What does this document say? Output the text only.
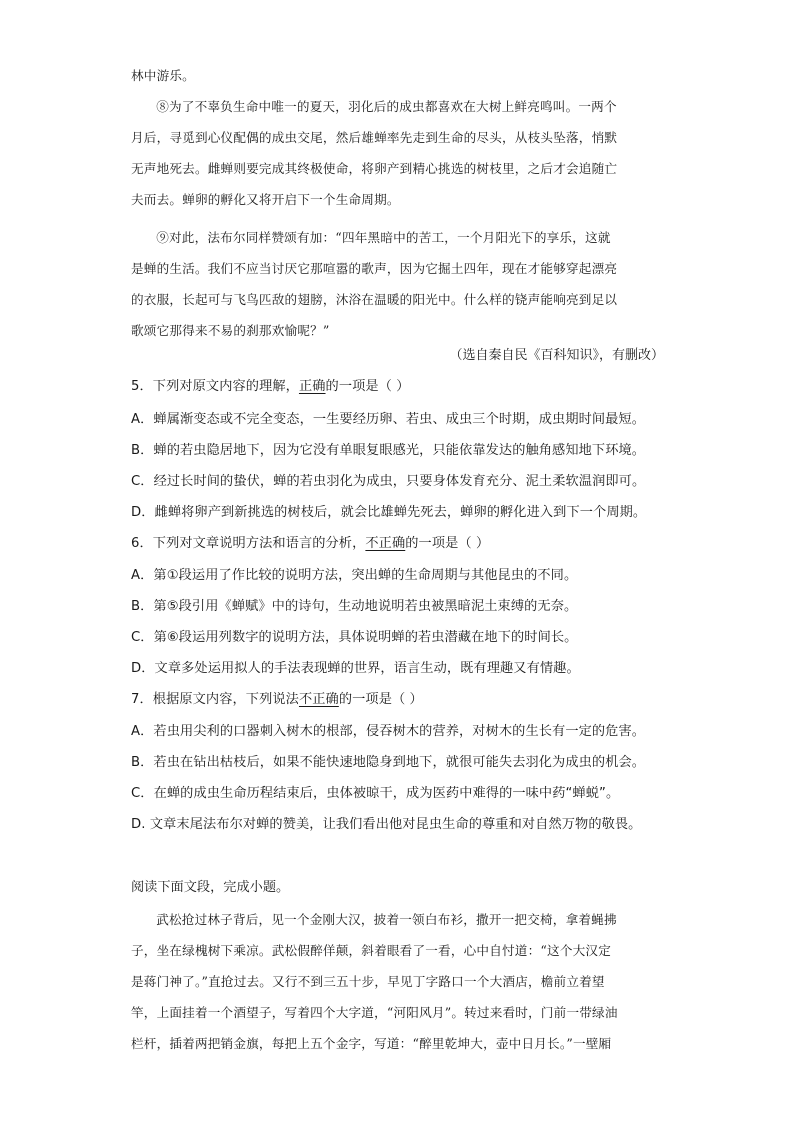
林中游乐。

⑧为了不辜负生命中唯一的夏天，羽化后的成虫都喜欢在大树上鲜亮鸣叫。一两个

月后，寻觅到心仪配偶的成虫交尾，然后雄蝉率先走到生命的尽头，从枝头坠落，悄默

无声地死去。雌蝉则要完成其终极使命，将卵产到精心挑选的树枝里，之后才会追随亡

夫而去。蝉卵的孵化又将开启下一个生命周期。

⑨对此，法布尔同样赞颂有加：“四年黑暗中的苦工，一个月阳光下的享乐，这就

是蝉的生活。我们不应当讨厌它那喧嚣的歌声，因为它掘土四年，现在才能够穿起漂亮

的衣服，长起可与飞鸟匹敌的翅膀，沐浴在温暖的阳光中。什么样的铙声能响亮到足以

歌颂它那得来不易的刹那欢愉呢？”

（选自秦自民《百科知识》，有删改）
5．下列对原文内容的理解，正确的一项是（ ）
A．蝉属渐变态或不完全变态，一生要经历卵、若虫、成虫三个时期，成虫期时间最短。
B．蝉的若虫隐居地下，因为它没有单眼复眼感光，只能依靠发达的触角感知地下环境。
C．经过长时间的蛰伏，蝉的若虫羽化为成虫，只要身体发育充分、泥土柔软温润即可。
D．雌蝉将卵产到新挑选的树枝后，就会比雄蝉先死去，蝉卵的孵化进入到下一个周期。
6．下列对文章说明方法和语言的分析，不正确的一项是（ ）
A．第①段运用了作比较的说明方法，突出蝉的生命周期与其他昆虫的不同。
B．第⑤段引用《蝉赋》中的诗句，生动地说明若虫被黑暗泥土束缚的无奈。
C．第⑥段运用列数字的说明方法，具体说明蝉的若虫潜藏在地下的时间长。
D．文章多处运用拟人的手法表现蝉的世界，语言生动，既有理趣又有情趣。
7．根据原文内容，下列说法不正确的一项是（ ）
A．若虫用尖利的口器刺入树木的根部，侵吞树木的营养，对树木的生长有一定的危害。
B．若虫在钻出枯枝后，如果不能快速地隐身到地下，就很可能失去羽化为成虫的机会。
C．在蝉的成虫生命历程结束后，虫体被晾干，成为医药中难得的一味中药“蝉蜕”。
D. 文章末尾法布尔对蝉的赞美，让我们看出他对昆虫生命的尊重和对自然万物的敬畏。
阅读下面文段，完成小题。

武松抢过林子背后，见一个金刚大汉，披着一领白布衫，撒开一把交椅，拿着蝇拂

子，坐在绿槐树下乘凉。武松假醉佯颠，斜着眼看了一看，心中自忖道：“这个大汉定

是蒋门神了。”直抢过去。又行不到三五十步，早见丁字路口一个大酒店，檐前立着望

竿，上面挂着一个酒望子，写着四个大字道，“河阳风月”。转过来看时，门前一带绿油

栏杆，插着两把销金旗，每把上五个金字，写道：“醉里乾坤大，壶中日月长。”一壁厢
